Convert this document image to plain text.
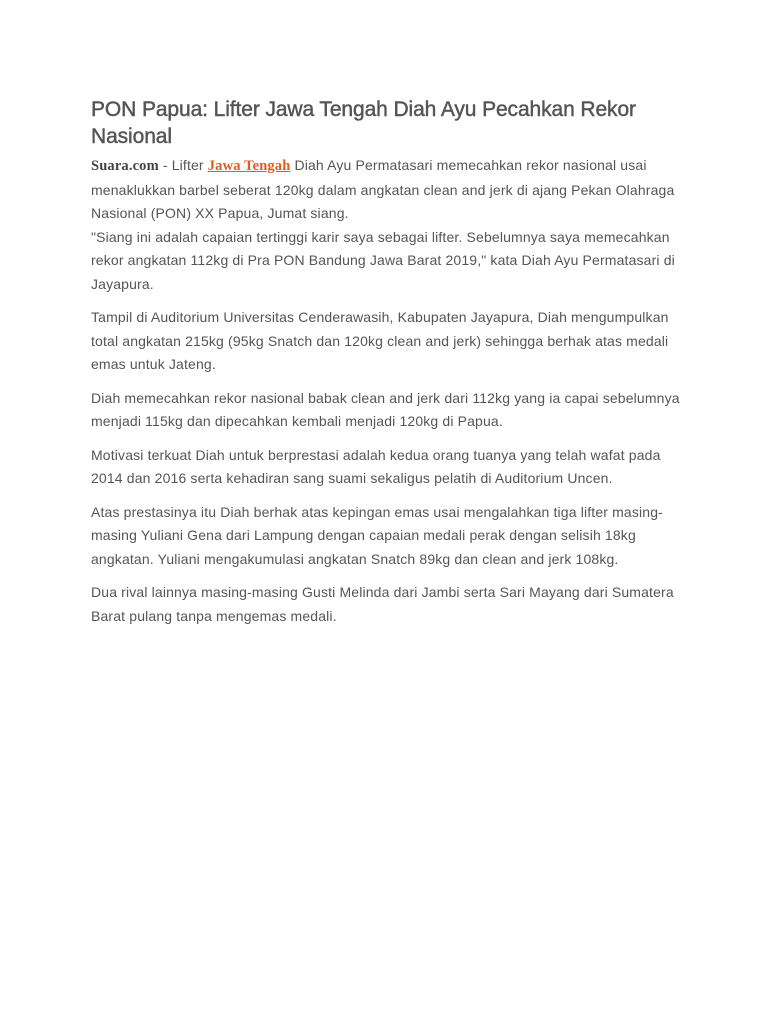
PON Papua: Lifter Jawa Tengah Diah Ayu Pecahkan Rekor Nasional
Suara.com - Lifter Jawa Tengah Diah Ayu Permatasari memecahkan rekor nasional usai menaklukkan barbel seberat 120kg dalam angkatan clean and jerk di ajang Pekan Olahraga Nasional (PON) XX Papua, Jumat siang.
"Siang ini adalah capaian tertinggi karir saya sebagai lifter. Sebelumnya saya memecahkan rekor angkatan 112kg di Pra PON Bandung Jawa Barat 2019," kata Diah Ayu Permatasari di Jayapura.

Tampil di Auditorium Universitas Cenderawasih, Kabupaten Jayapura, Diah mengumpulkan total angkatan 215kg (95kg Snatch dan 120kg clean and jerk) sehingga berhak atas medali emas untuk Jateng.

Diah memecahkan rekor nasional babak clean and jerk dari 112kg yang ia capai sebelumnya menjadi 115kg dan dipecahkan kembali menjadi 120kg di Papua.

Motivasi terkuat Diah untuk berprestasi adalah kedua orang tuanya yang telah wafat pada 2014 dan 2016 serta kehadiran sang suami sekaligus pelatih di Auditorium Uncen.

Atas prestasinya itu Diah berhak atas kepingan emas usai mengalahkan tiga lifter masing-masing Yuliani Gena dari Lampung dengan capaian medali perak dengan selisih 18kg angkatan. Yuliani mengakumulasi angkatan Snatch 89kg dan clean and jerk 108kg.

Dua rival lainnya masing-masing Gusti Melinda dari Jambi serta Sari Mayang dari Sumatera Barat pulang tanpa mengemas medali.
